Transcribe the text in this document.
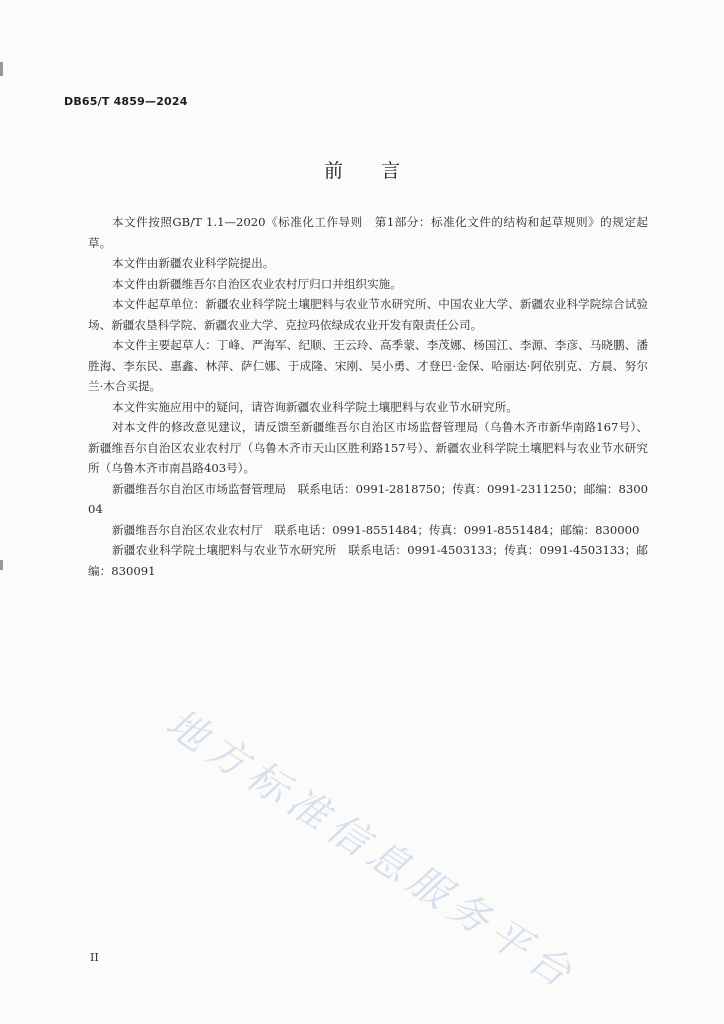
DB65/T 4859—2024
前言

本文件按照GB/T 1.1—2020《标准化工作导则　第1部分：标准化文件的结构和起草规则》的规定起草。

本文件由新疆农业科学院提出。

本文件由新疆维吾尔自治区农业农村厅归口并组织实施。

本文件起草单位：新疆农业科学院土壤肥料与农业节水研究所、中国农业大学、新疆农业科学院综合试验场、新疆农垦科学院、新疆农业大学、克拉玛依绿成农业开发有限责任公司。

本文件主要起草人：丁峰、严海军、纪顺、王云玲、高季蒙、李茂娜、杨国江、李源、李彦、马晓鹏、潘胜海、李东民、惠鑫、林萍、萨仁娜、于成隆、宋刚、吴小勇、才登巴·金保、哈丽达·阿依别克、方晨、努尔兰·木合买提。

本文件实施应用中的疑问，请咨询新疆农业科学院土壤肥料与农业节水研究所。

对本文件的修改意见建议，请反馈至新疆维吾尔自治区市场监督管理局（乌鲁木齐市新华南路167号）、新疆维吾尔自治区农业农村厅（乌鲁木齐市天山区胜利路157号）、新疆农业科学院土壤肥料与农业节水研究所（乌鲁木齐市南昌路403号）。

新疆维吾尔自治区市场监督管理局　联系电话：0991-2818750；传真：0991-2311250；邮编：830004

新疆维吾尔自治区农业农村厅　联系电话：0991-8551484；传真：0991-8551484；邮编：830000

新疆农业科学院土壤肥料与农业节水研究所　联系电话：0991-4503133；传真：0991-4503133；邮编：830091

地方标准信息服务平台
II
